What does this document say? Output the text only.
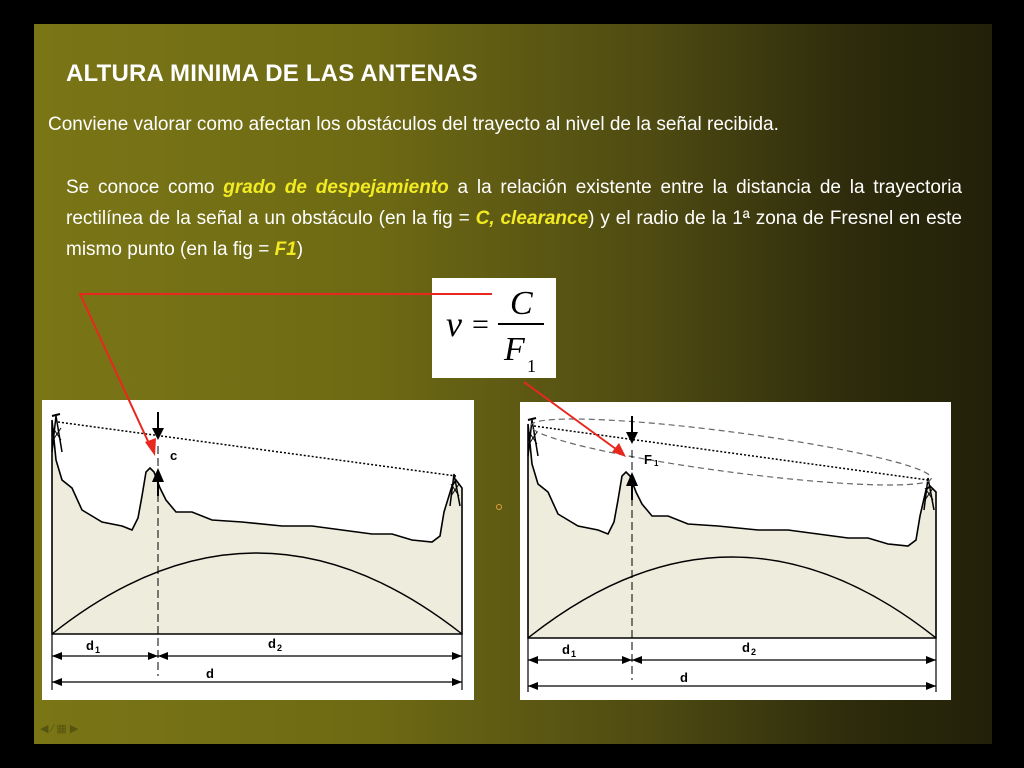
ALTURA MINIMA DE LAS ANTENAS
Conviene valorar como afectan los obstáculos del trayecto al nivel de la señal recibida.
Se conoce como grado de despejamiento a la relación existente entre la distancia de la trayectoria rectilínea de la señal a un obstáculo (en la fig = C, clearance) y el radio de la 1ª zona de Fresnel en este mismo punto (en la fig = F1)
ν =
C
F 1
c
d 1	d 2
d
F 1
d 1	d 2
d
◀ ⁄ ▦ ▶
